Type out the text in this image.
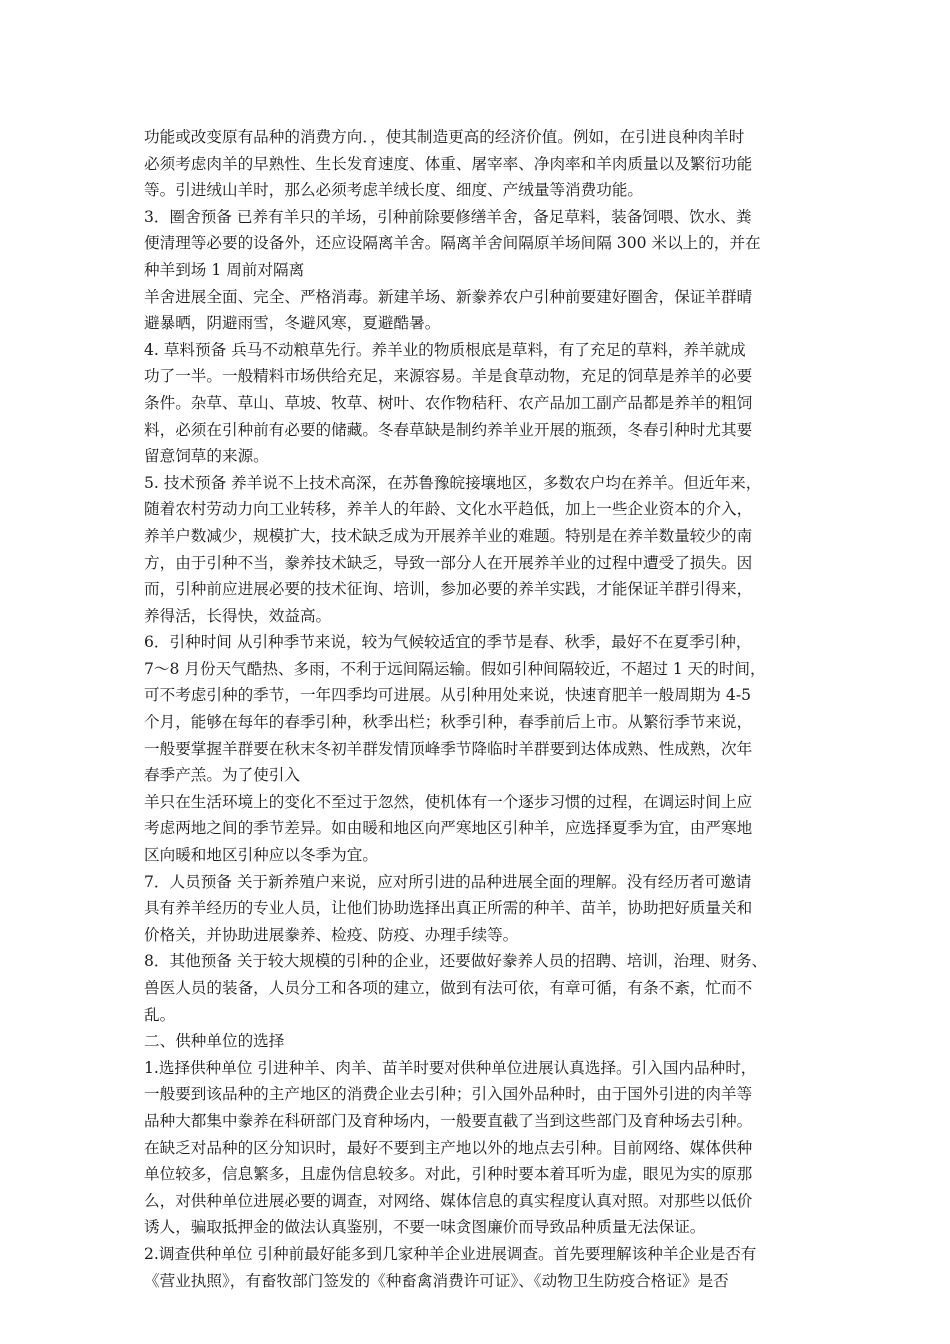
功能或改变原有品种的消费方向．，使其制造更高的经济价值。例如，在引进良种肉羊时
必须考虑肉羊的早熟性、生长发育速度、体重、屠宰率、净肉率和羊肉质量以及繁衍功能
等。引进绒山羊时，那么必须考虑羊绒长度、细度、产绒量等消费功能。
3．圈舍预备 已养有羊只的羊场，引种前除要修缮羊舍，备足草料，装备饲喂、饮水、粪
便清理等必要的设备外，还应设隔离羊舍。隔离羊舍间隔原羊场间隔 300 米以上的，并在
种羊到场 1 周前对隔离
羊舍进展全面、完全、严格消毒。新建羊场、新豢养农户引种前要建好圈舍，保证羊群晴
避暴晒，阴避雨雪，冬避风寒，夏避酷暑。
4. 草料预备 兵马不动粮草先行。养羊业的物质根底是草料，有了充足的草料，养羊就成
功了一半。一般精料市场供给充足，来源容易。羊是食草动物，充足的饲草是养羊的必要
条件。杂草、草山、草坡、牧草、树叶、农作物秸秆、农产品加工副产品都是养羊的粗饲
料，必须在引种前有必要的储藏。冬春草缺是制约养羊业开展的瓶颈，冬春引种时尤其要
留意饲草的来源。
5. 技术预备 养羊说不上技术高深，在苏鲁豫皖接壤地区，多数农户均在养羊。但近年来，
随着农村劳动力向工业转移，养羊人的年龄、文化水平趋低，加上一些企业资本的介入，
养羊户数减少，规模扩大，技术缺乏成为开展养羊业的难题。特别是在养羊数量较少的南
方，由于引种不当，豢养技术缺乏，导致一部分人在开展养羊业的过程中遭受了损失。因
而，引种前应进展必要的技术征询、培训，参加必要的养羊实践，才能保证羊群引得来，
养得活，长得快，效益高。
6．引种时间 从引种季节来说，较为气候较适宜的季节是春、秋季，最好不在夏季引种，
7～8 月份天气酷热、多雨，不利于远间隔运输。假如引种间隔较近，不超过 1 天的时间，
可不考虑引种的季节，一年四季均可进展。从引种用处来说，快速育肥羊一般周期为 4-5
个月，能够在每年的春季引种，秋季出栏；秋季引种，春季前后上市。从繁衍季节来说，
一般要掌握羊群要在秋末冬初羊群发情顶峰季节降临时羊群要到达体成熟、性成熟，次年
春季产羔。为了使引入
羊只在生活环境上的变化不至过于忽然，使机体有一个逐步习惯的过程，在调运时间上应
考虑两地之间的季节差异。如由暖和地区向严寒地区引种羊，应选择夏季为宜，由严寒地
区向暖和地区引种应以冬季为宜。
7．人员预备 关于新养殖户来说，应对所引进的品种进展全面的理解。没有经历者可邀请
具有养羊经历的专业人员，让他们协助选择出真正所需的种羊、苗羊，协助把好质量关和
价格关，并协助进展豢养、检疫、防疫、办理手续等。
8．其他预备 关于较大规模的引种的企业，还要做好豢养人员的招聘、培训，治理、财务、
兽医人员的装备，人员分工和各项的建立，做到有法可依，有章可循，有条不紊，忙而不
乱。
二、供种单位的选择
1.选择供种单位 引进种羊、肉羊、苗羊时要对供种单位进展认真选择。引入国内品种时，
一般要到该品种的主产地区的消费企业去引种；引入国外品种时，由于国外引进的肉羊等
品种大都集中豢养在科研部门及育种场内，一般要直截了当到这些部门及育种场去引种。
在缺乏对品种的区分知识时，最好不要到主产地以外的地点去引种。目前网络、媒体供种
单位较多，信息繁多，且虚伪信息较多。对此，引种时要本着耳听为虚，眼见为实的原那
么，对供种单位进展必要的调查，对网络、媒体信息的真实程度认真对照。对那些以低价
诱人，骗取抵押金的做法认真鉴别，不要一味贪图廉价而导致品种质量无法保证。
2.调查供种单位 引种前最好能多到几家种羊企业进展调查。首先要理解该种羊企业是否有
《营业执照》，有畜牧部门签发的《种畜禽消费许可证》、《动物卫生防疫合格证》是否
